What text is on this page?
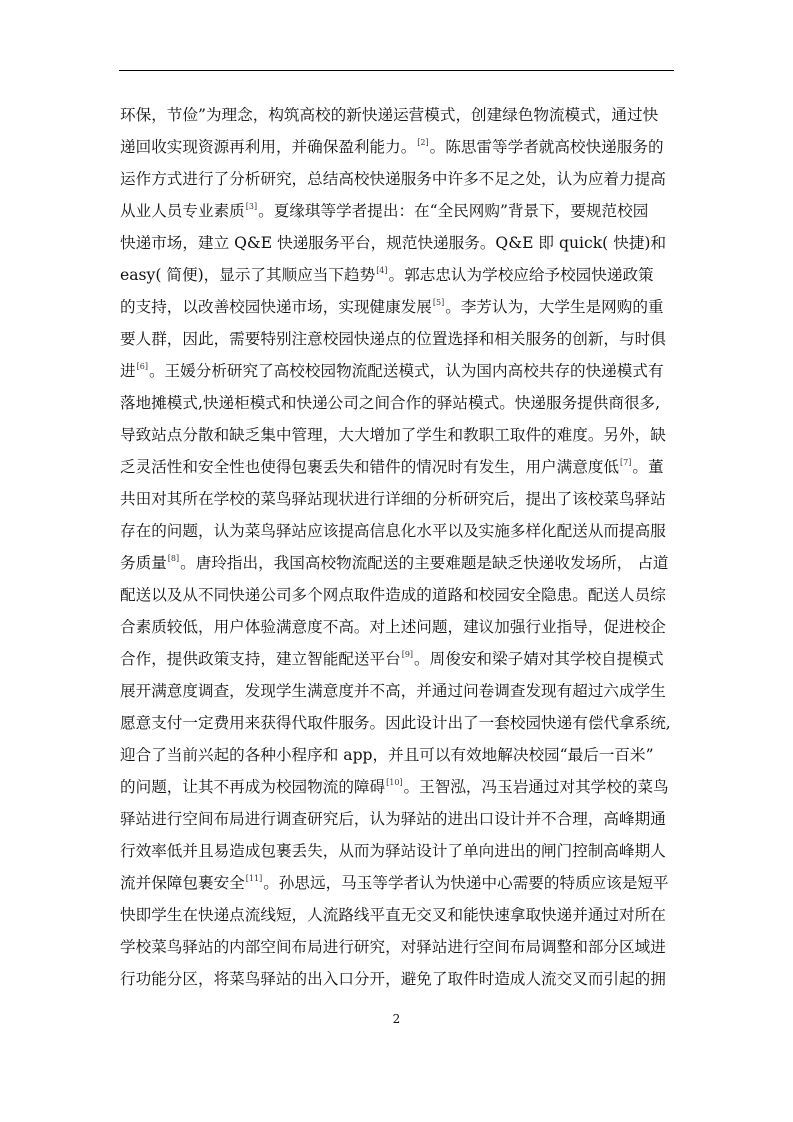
环保，节俭”为理念，构筑高校的新快递运营模式，创建绿色物流模式，通过快
递回收实现资源再利用，并确保盈利能力。[2]。陈思雷等学者就高校快递服务的
运作方式进行了分析研究，总结高校快递服务中许多不足之处，认为应着力提高
从业人员专业素质[3]。夏缘琪等学者提出：在“全民网购”背景下，要规范校园
快递市场，建立 Q&E 快递服务平台，规范快递服务。Q&E 即 quick( 快捷)和
easy( 简便)，显示了其顺应当下趋势[4]。郭志忠认为学校应给予校园快递政策
的支持，以改善校园快递市场，实现健康发展[5]。李芳认为，大学生是网购的重
要人群，因此，需要特别注意校园快递点的位置选择和相关服务的创新，与时俱
进[6]。王媛分析研究了高校校园物流配送模式，认为国内高校共存的快递模式有
落地摊模式,快递柜模式和快递公司之间合作的驿站模式。快递服务提供商很多,
导致站点分散和缺乏集中管理，大大增加了学生和教职工取件的难度。另外，缺
乏灵活性和安全性也使得包裹丢失和错件的情况时有发生，用户满意度低[7]。董
共田对其所在学校的菜鸟驿站现状进行详细的分析研究后，提出了该校菜鸟驿站
存在的问题，认为菜鸟驿站应该提高信息化水平以及实施多样化配送从而提高服
务质量[8]。唐玲指出，我国高校物流配送的主要难题是缺乏快递收发场所， 占道
配送以及从不同快递公司多个网点取件造成的道路和校园安全隐患。配送人员综
合素质较低，用户体验满意度不高。对上述问题，建议加强行业指导，促进校企
合作，提供政策支持，建立智能配送平台[9]。周俊安和梁子婧对其学校自提模式
展开满意度调查，发现学生满意度并不高，并通过问卷调查发现有超过六成学生
愿意支付一定费用来获得代取件服务。因此设计出了一套校园快递有偿代拿系统,
迎合了当前兴起的各种小程序和 app，并且可以有效地解决校园“最后一百米”
的问题，让其不再成为校园物流的障碍[10]。王智泓，冯玉岩通过对其学校的菜鸟
驿站进行空间布局进行调查研究后，认为驿站的进出口设计并不合理，高峰期通
行效率低并且易造成包裹丢失，从而为驿站设计了单向进出的闸门控制高峰期人
流并保障包裹安全[11]。孙思远，马玉等学者认为快递中心需要的特质应该是短平
快即学生在快递点流线短，人流路线平直无交叉和能快速拿取快递并通过对所在
学校菜鸟驿站的内部空间布局进行研究，对驿站进行空间布局调整和部分区域进
行功能分区，将菜鸟驿站的出入口分开，避免了取件时造成人流交叉而引起的拥
2
